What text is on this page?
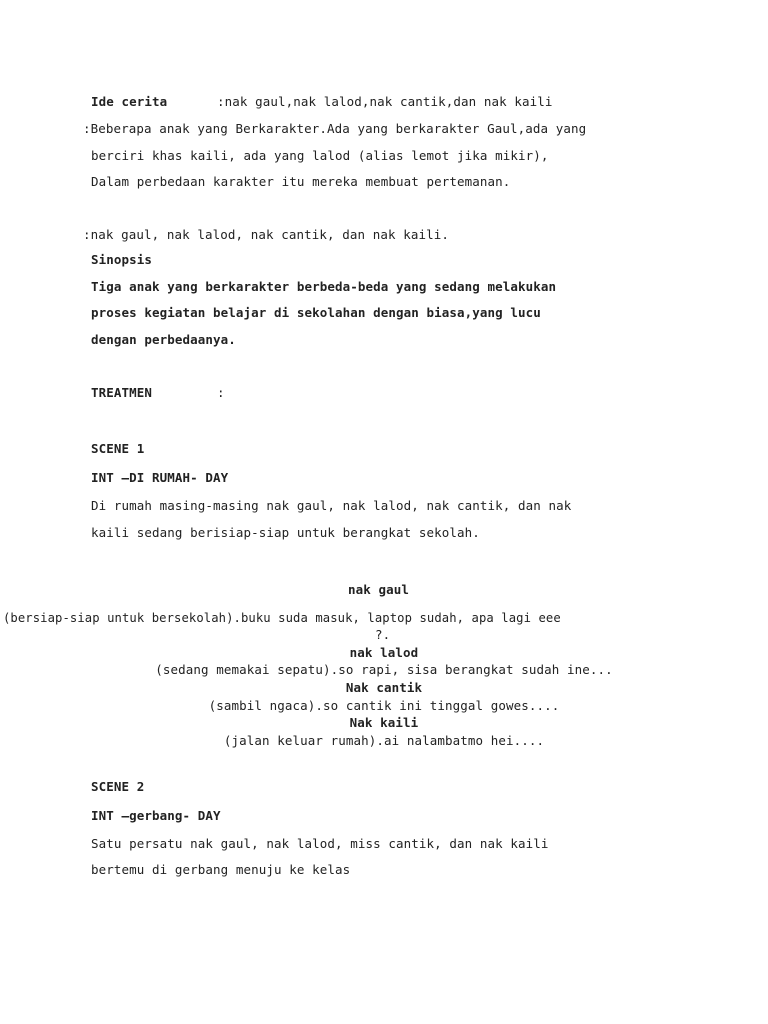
Ide cerita	:nak gaul,nak lalod,nak cantik,dan nak kaili
:Beberapa anak yang Berkarakter.Ada yang berkarakter Gaul,ada yang
berciri khas kaili, ada yang lalod (alias lemot jika mikir),
Dalam perbedaan karakter itu mereka membuat pertemanan.
:nak gaul, nak lalod, nak cantik, dan nak kaili.
Sinopsis
Tiga anak yang berkarakter berbeda-beda yang sedang melakukan
proses kegiatan belajar di sekolahan dengan biasa,yang lucu
dengan perbedaanya.
TREATMEN	:
SCENE 1
INT –DI RUMAH- DAY
Di rumah masing-masing nak gaul, nak lalod, nak cantik, dan nak
kaili sedang berisiap-siap untuk berangkat sekolah.
nak gaul
(bersiap-siap untuk bersekolah).buku suda masuk, laptop sudah, apa lagi eee
?.
nak lalod
(sedang memakai sepatu).so rapi, sisa berangkat sudah ine...
Nak cantik
(sambil ngaca).so cantik ini tinggal gowes....
Nak kaili
(jalan keluar rumah).ai nalambatmo hei....
SCENE 2
INT –gerbang- DAY
Satu persatu nak gaul, nak lalod, miss cantik, dan nak kaili
bertemu di gerbang menuju ke kelas
